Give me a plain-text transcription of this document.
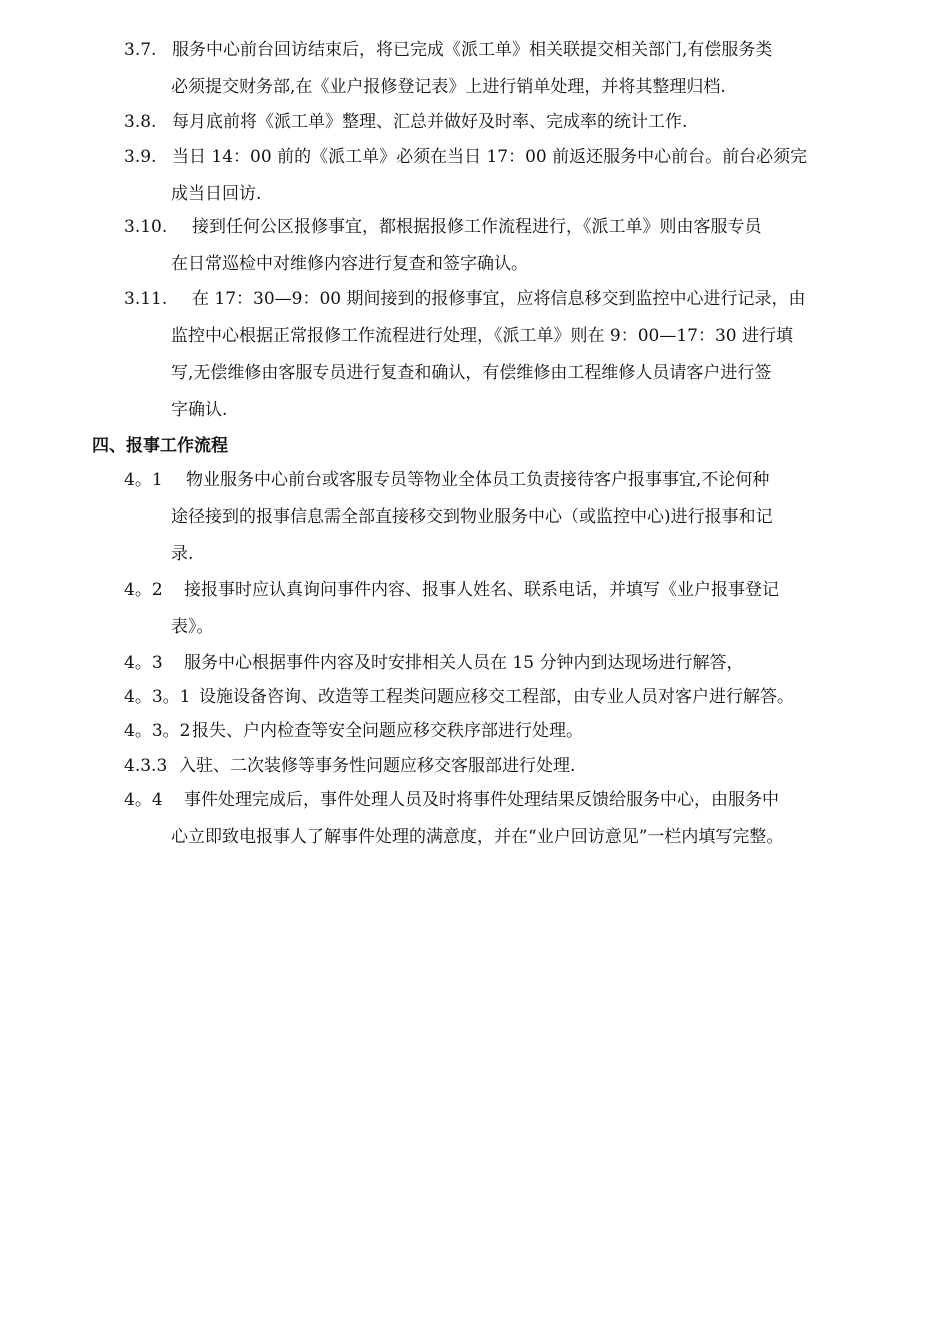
3.7. 服务中心前台回访结束后，将已完成《派工单》相关联提交相关部门,有偿服务类
必须提交财务部,在《业户报修登记表》上进行销单处理，并将其整理归档.
3.8. 每月底前将《派工单》整理、汇总并做好及时率、完成率的统计工作.
3.9. 当日 14：00 前的《派工单》必须在当日 17：00 前返还服务中心前台。前台必须完
成当日回访.
3.10. 接到任何公区报修事宜，都根据报修工作流程进行，《派工单》则由客服专员
在日常巡检中对维修内容进行复查和签字确认。
3.11. 在 17：30—9：00 期间接到的报修事宜，应将信息移交到监控中心进行记录，由
监控中心根据正常报修工作流程进行处理，《派工单》则在 9：00—17：30 进行填
写,无偿维修由客服专员进行复查和确认，有偿维修由工程维修人员请客户进行签
字确认.
四、报事工作流程
4。1 物业服务中心前台或客服专员等物业全体员工负责接待客户报事事宜,不论何种
途径接到的报事信息需全部直接移交到物业服务中心（或监控中心)进行报事和记
录.
4。2 接报事时应认真询问事件内容、报事人姓名、联系电话，并填写《业户报事登记
表》。
4。3 服务中心根据事件内容及时安排相关人员在 15 分钟内到达现场进行解答，
4。3。1 设施设备咨询、改造等工程类问题应移交工程部，由专业人员对客户进行解答。
4。3。2报失、户内检查等安全问题应移交秩序部进行处理。
4.3.3 入驻、二次装修等事务性问题应移交客服部进行处理.
4。4 事件处理完成后，事件处理人员及时将事件处理结果反馈给服务中心，由服务中
心立即致电报事人了解事件处理的满意度，并在“业户回访意见”一栏内填写完整。
